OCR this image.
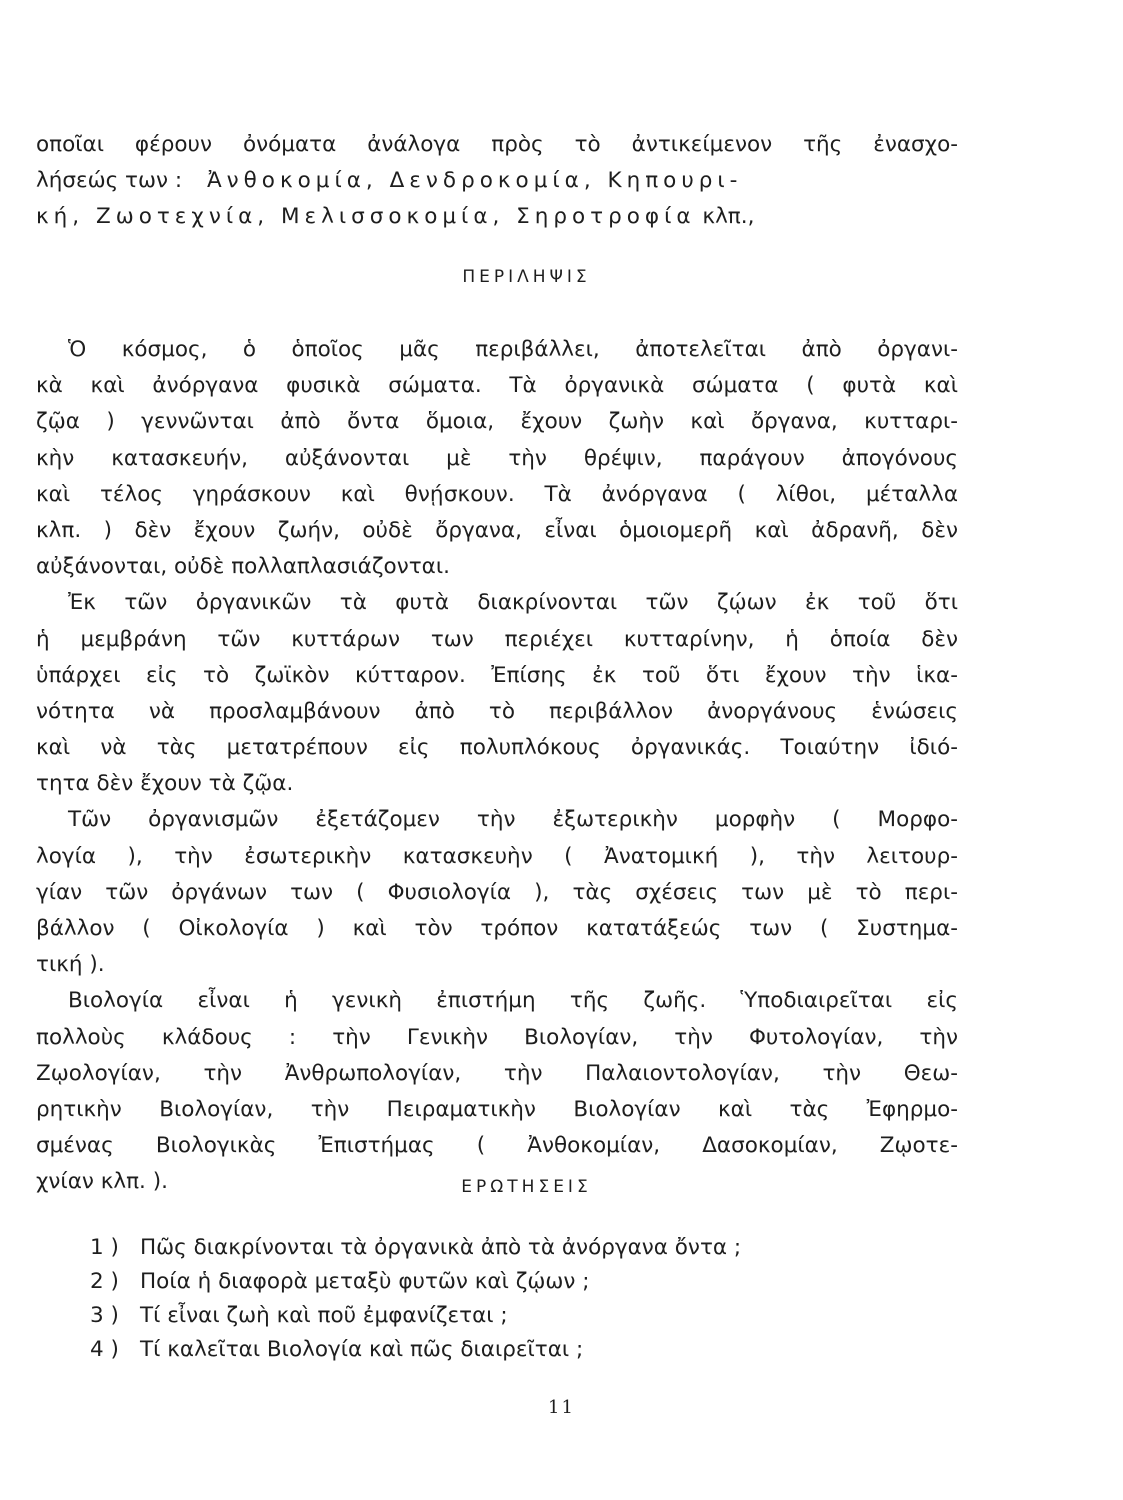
οποῖαι φέρουν ὀνόματα ἀνάλογα πρὸς τὸ ἀντικείμενον τῆς ἐνασχο-
λήσεώς των : Ἀνθοκομία, Δενδροκομία, Κηπουρι-
κή, Ζωοτεχνία, Μελισσοκομία, Σηροτροφία κλπ.,
ΠΕΡΙΛΗΨΙΣ
Ὁ κόσμος, ὁ ὁποῖος μᾶς περιβάλλει, ἀποτελεῖται ἀπὸ ὀργανι-
κὰ καὶ ἀνόργανα φυσικὰ σώματα. Τὰ ὀργανικὰ σώματα ( φυτὰ καὶ
ζῷα ) γεννῶνται ἀπὸ ὄντα ὅμοια, ἔχουν ζωὴν καὶ ὄργανα, κυτταρι-
κὴν κατασκευήν, αὐξάνονται μὲ τὴν θρέψιν, παράγουν ἀπογόνους
καὶ τέλος γηράσκουν καὶ θνῄσκουν. Τὰ ἀνόργανα ( λίθοι, μέταλλα
κλπ. ) δὲν ἔχουν ζωήν, οὐδὲ ὄργανα, εἶναι ὁμοιομερῆ καὶ ἀδρανῆ, δὲν
αὐξάνονται, οὐδὲ πολλαπλασιάζονται.
Ἐκ τῶν ὀργανικῶν τὰ φυτὰ διακρίνονται τῶν ζῴων ἐκ τοῦ ὅτι
ἡ μεμβράνη τῶν κυττάρων των περιέχει κυτταρίνην, ἡ ὁποία δὲν
ὑπάρχει εἰς τὸ ζωϊκὸν κύτταρον. Ἐπίσης ἐκ τοῦ ὅτι ἔχουν τὴν ἱκα-
νότητα νὰ προσλαμβάνουν ἀπὸ τὸ περιβάλλον ἀνοργάνους ἑνώσεις
καὶ νὰ τὰς μετατρέπουν εἰς πολυπλόκους ὀργανικάς. Τοιαύτην ἰδιό-
τητα δὲν ἔχουν τὰ ζῷα.
Τῶν ὀργανισμῶν ἐξετάζομεν τὴν ἐξωτερικὴν μορφὴν ( Μορφο-
λογία ), τὴν ἐσωτερικὴν κατασκευὴν ( Ἀνατομική ), τὴν λειτουρ-
γίαν τῶν ὀργάνων των ( Φυσιολογία ), τὰς σχέσεις των μὲ τὸ περι-
βάλλον ( Οἰκολογία ) καὶ τὸν τρόπον κατατάξεώς των ( Συστημα-
τική ).
Βιολογία εἶναι ἡ γενικὴ ἐπιστήμη τῆς ζωῆς. Ὑποδιαιρεῖται εἰς
πολλοὺς κλάδους : τὴν Γενικὴν Βιολογίαν, τὴν Φυτολογίαν, τὴν
Ζῳολογίαν, τὴν Ἀνθρωπολογίαν, τὴν Παλαιοντολογίαν, τὴν Θεω-
ρητικὴν Βιολογίαν, τὴν Πειραματικὴν Βιολογίαν καὶ τὰς Ἐφηρμο-
σμένας Βιολογικὰς Ἐπιστήμας ( Ἀνθοκομίαν, Δασοκομίαν, Ζῳοτε-
χνίαν κλπ. ).	ΕΡΩΤΗΣΕΙΣ
1 ) Πῶς διακρίνονται τὰ ὀργανικὰ ἀπὸ τὰ ἀνόργανα ὄντα ;
2 ) Ποία ἡ διαφορὰ μεταξὺ φυτῶν καὶ ζῴων ;
3 ) Τί εἶναι ζωὴ καὶ ποῦ ἐμφανίζεται ;
4 ) Τί καλεῖται Βιολογία καὶ πῶς διαιρεῖται ;
11
